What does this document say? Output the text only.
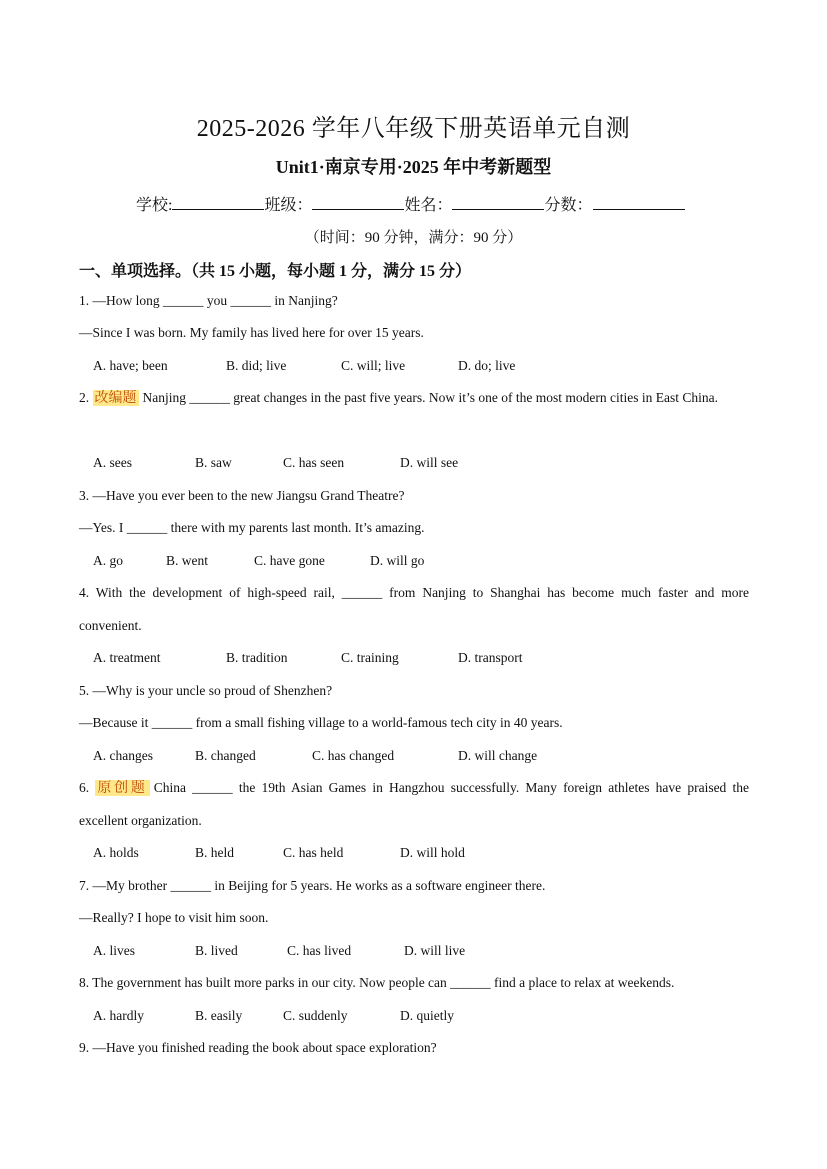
2025-2026 学年八年级下册英语单元自测
Unit1·南京专用·2025 年中考新题型
学校:	班级：	姓名：	分数：
（时间：90 分钟，满分：90 分）
一、单项选择。（共 15 小题，每小题 1 分，满分 15 分）
1. —How long ______ you ______ in Nanjing?
—Since I was born. My family has lived here for over 15 years.
A. have; been	B. did; live	C. will; live	D. do; live
2. 改编题 Nanjing ______ great changes in the past five years. Now it’s one of the most modern cities in East China.
A. sees	B. saw	C. has seen	D. will see
3. —Have you ever been to the new Jiangsu Grand Theatre?
—Yes. I ______ there with my parents last month. It’s amazing.
A. go	B. went	C. have gone	D. will go
4. With the development of high-speed rail, ______ from Nanjing to Shanghai has become much faster and more convenient.
A. treatment	B. tradition	C. training	D. transport
5. —Why is your uncle so proud of Shenzhen?
—Because it ______ from a small fishing village to a world-famous tech city in 40 years.
A. changes	B. changed	C. has changed	D. will change
6. 原创题 China ______ the 19th Asian Games in Hangzhou successfully. Many foreign athletes have praised the excellent organization.
A. holds	B. held	C. has held	D. will hold
7. —My brother ______ in Beijing for 5 years. He works as a software engineer there.
—Really? I hope to visit him soon.
A. lives	B. lived	C. has lived	D. will live
8. The government has built more parks in our city. Now people can ______ find a place to relax at weekends.
A. hardly	B. easily	C. suddenly	D. quietly
9. —Have you finished reading the book about space exploration?
